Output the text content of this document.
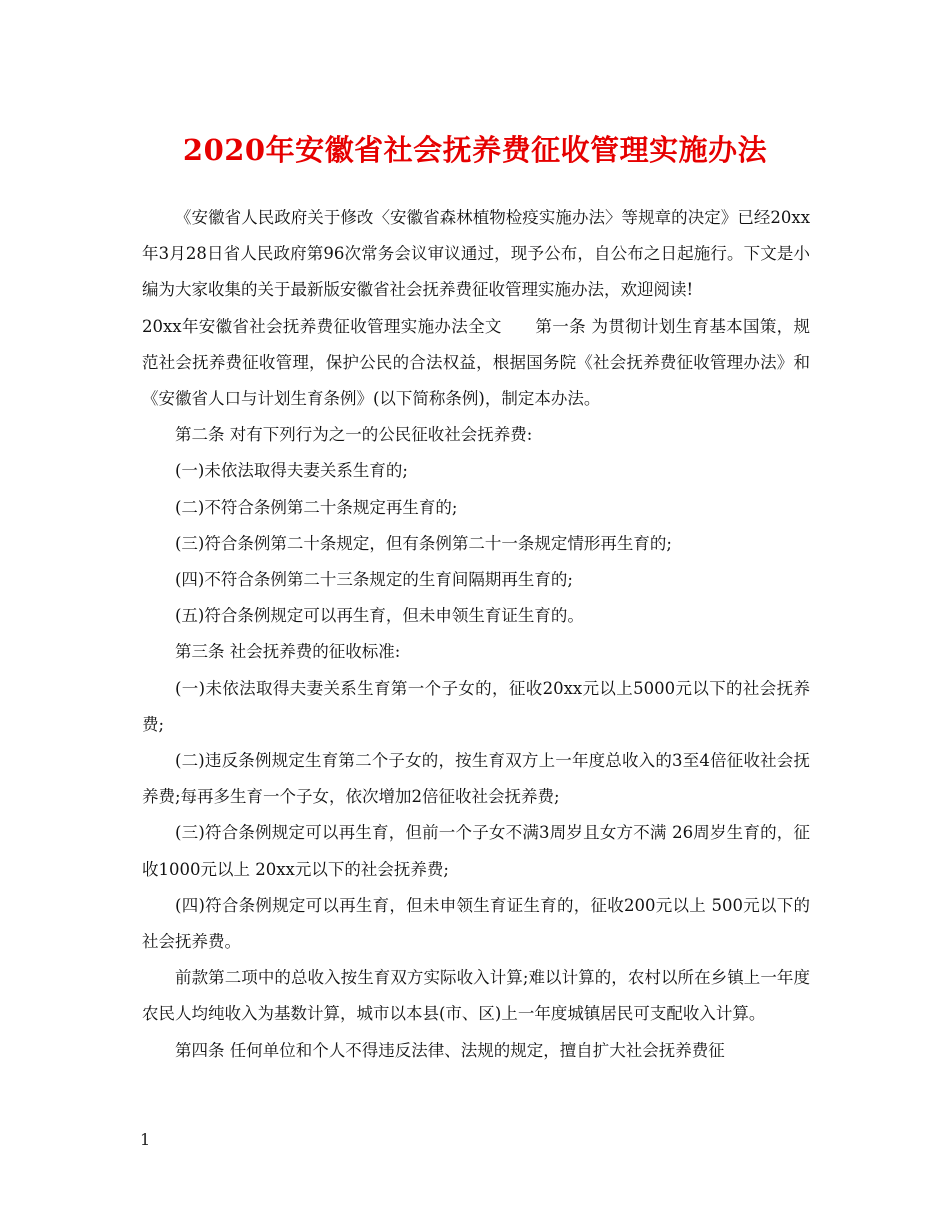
2020年安徽省社会抚养费征收管理实施办法

《安徽省人民政府关于修改〈安徽省森林植物检疫实施办法〉等规章的决定》已经20xx年3月28日省人民政府第96次常务会议审议通过，现予公布，自公布之日起施行。下文是小编为大家收集的关于最新版安徽省社会抚养费征收管理实施办法，欢迎阅读!

20xx年安徽省社会抚养费征收管理实施办法全文　　第一条 为贯彻计划生育基本国策，规范社会抚养费征收管理，保护公民的合法权益，根据国务院《社会抚养费征收管理办法》和《安徽省人口与计划生育条例》(以下简称条例)，制定本办法。

第二条 对有下列行为之一的公民征收社会抚养费:

(一)未依法取得夫妻关系生育的;

(二)不符合条例第二十条规定再生育的;

(三)符合条例第二十条规定，但有条例第二十一条规定情形再生育的;

(四)不符合条例第二十三条规定的生育间隔期再生育的;

(五)符合条例规定可以再生育，但未申领生育证生育的。

第三条 社会抚养费的征收标准:

(一)未依法取得夫妻关系生育第一个子女的，征收20xx元以上5000元以下的社会抚养费;

(二)违反条例规定生育第二个子女的，按生育双方上一年度总收入的3至4倍征收社会抚养费;每再多生育一个子女，依次增加2倍征收社会抚养费;

(三)符合条例规定可以再生育，但前一个子女不满3周岁且女方不满 26周岁生育的，征收1000元以上 20xx元以下的社会抚养费;

(四)符合条例规定可以再生育，但未申领生育证生育的，征收200元以上 500元以下的社会抚养费。

前款第二项中的总收入按生育双方实际收入计算;难以计算的，农村以所在乡镇上一年度农民人均纯收入为基数计算，城市以本县(市、区)上一年度城镇居民可支配收入计算。

第四条 任何单位和个人不得违反法律、法规的规定，擅自扩大社会抚养费征

1
